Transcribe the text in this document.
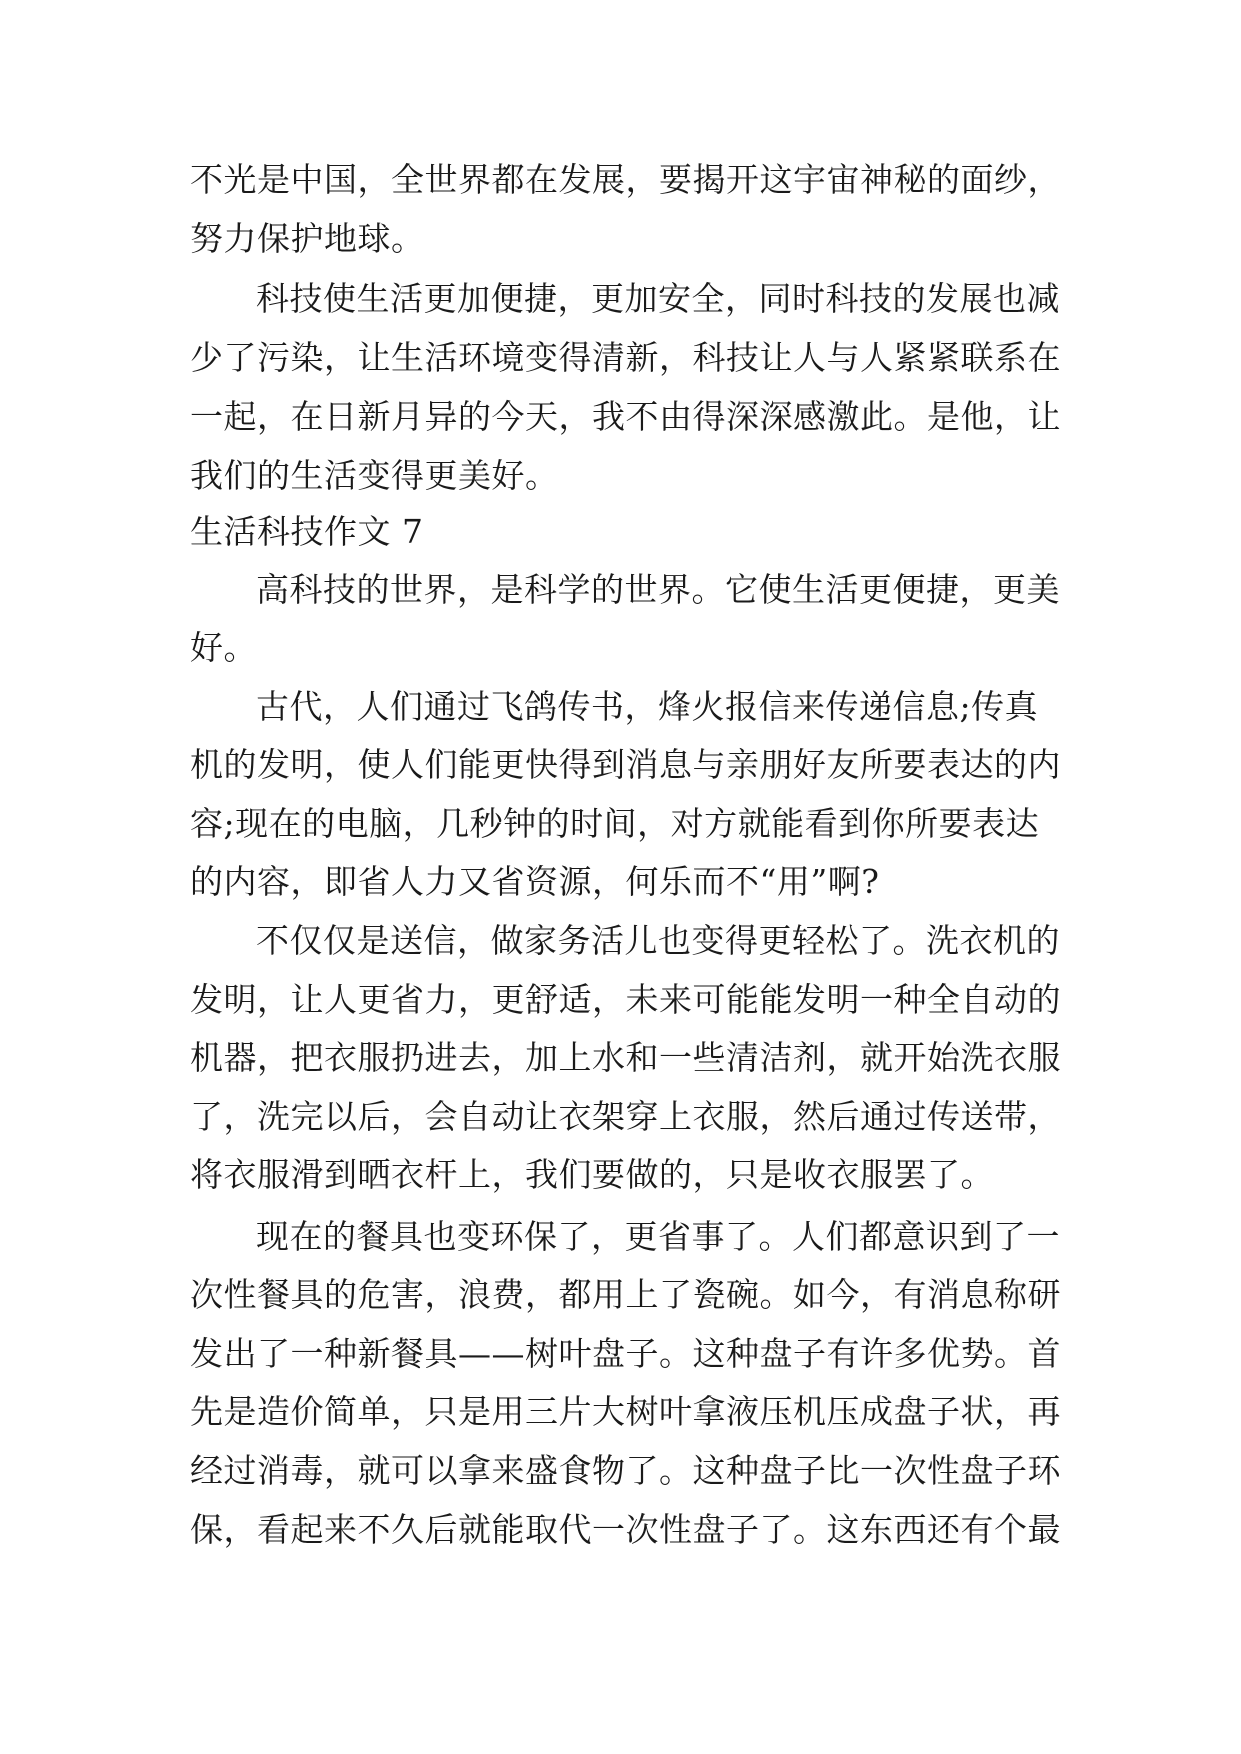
不光是中国，全世界都在发展，要揭开这宇宙神秘的面纱，
努力保护地球。
科技使生活更加便捷，更加安全，同时科技的发展也减
少了污染，让生活环境变得清新，科技让人与人紧紧联系在
一起，在日新月异的今天，我不由得深深感激此。是他，让
我们的生活变得更美好。
生活科技作文 7
高科技的世界，是科学的世界。它使生活更便捷，更美
好。
古代，人们通过飞鸽传书，烽火报信来传递信息;传真
机的发明，使人们能更快得到消息与亲朋好友所要表达的内
容;现在的电脑，几秒钟的时间，对方就能看到你所要表达
的内容，即省人力又省资源，何乐而不“用”啊?
不仅仅是送信，做家务活儿也变得更轻松了。洗衣机的
发明，让人更省力，更舒适，未来可能能发明一种全自动的
机器，把衣服扔进去，加上水和一些清洁剂，就开始洗衣服
了，洗完以后，会自动让衣架穿上衣服，然后通过传送带，
将衣服滑到晒衣杆上，我们要做的，只是收衣服罢了。
现在的餐具也变环保了，更省事了。人们都意识到了一
次性餐具的危害，浪费，都用上了瓷碗。如今，有消息称研
发出了一种新餐具——树叶盘子。这种盘子有许多优势。首
先是造价简单，只是用三片大树叶拿液压机压成盘子状，再
经过消毒，就可以拿来盛食物了。这种盘子比一次性盘子环
保，看起来不久后就能取代一次性盘子了。这东西还有个最
